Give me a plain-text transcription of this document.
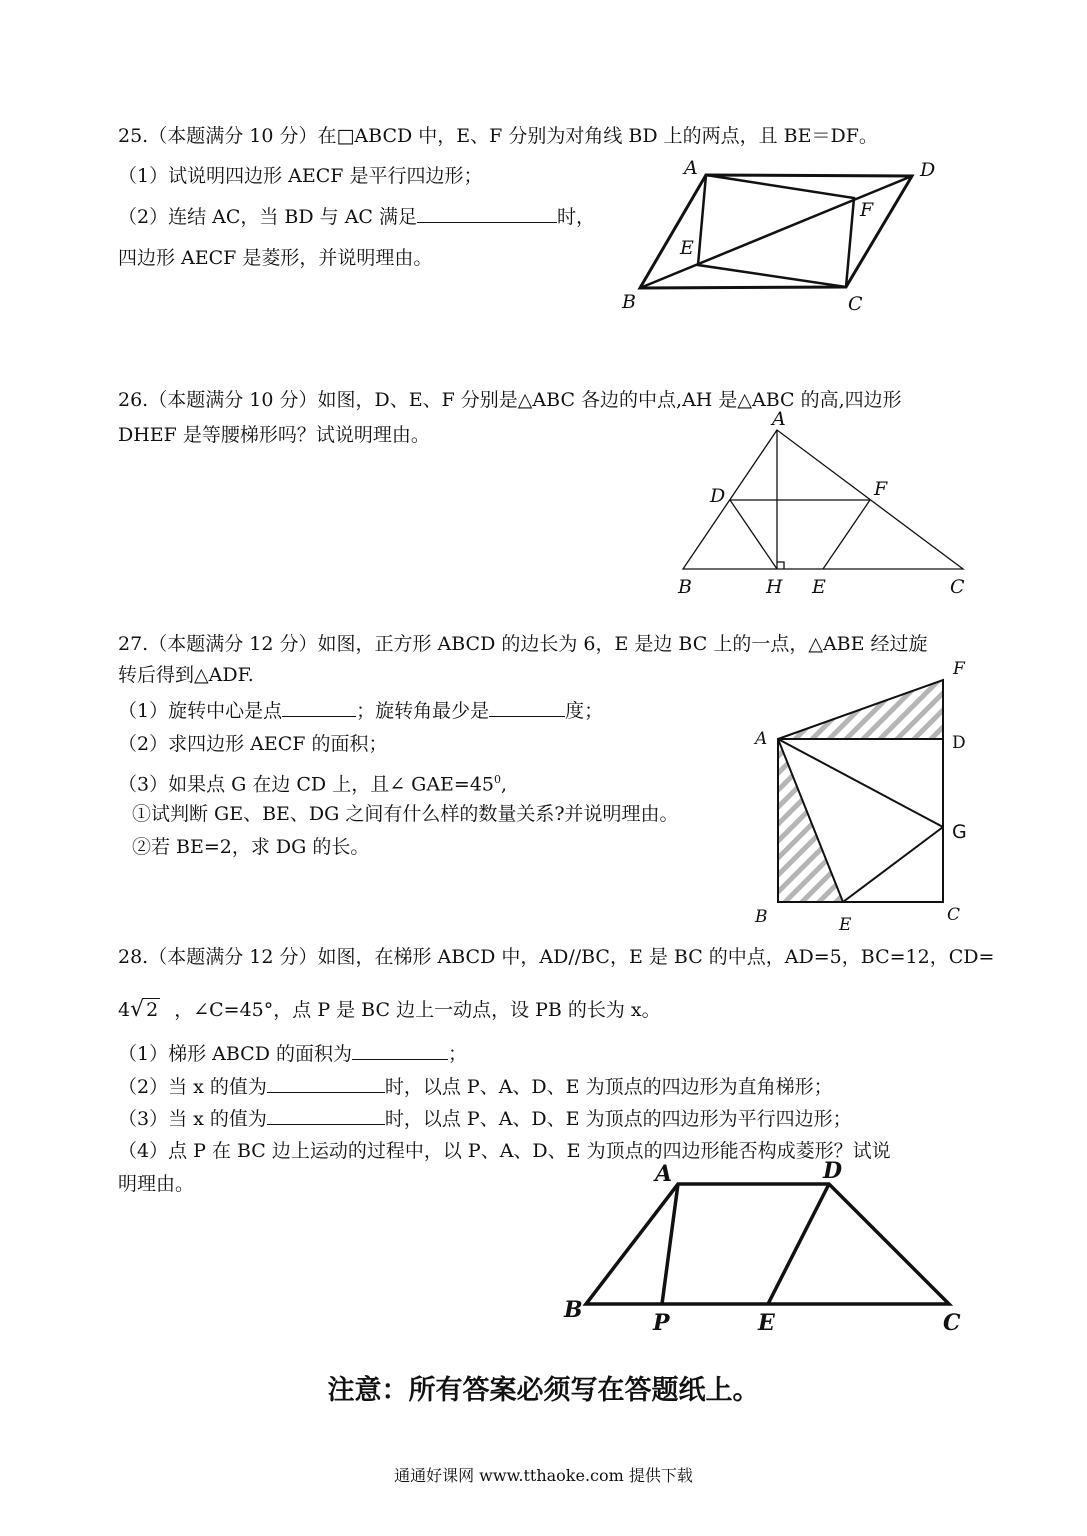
25.（本题满分 10 分）在□ABCD 中，E、F 分别为对角线 BD 上的两点，且 BE＝DF。
（1）试说明四边形 AECF 是平行四边形；
（2）连结 AC，当 BD 与 AC 满足	时，
四边形 AECF 是菱形，并说明理由。
A	D
F
E
B	C
26.（本题满分 10 分）如图，D、E、F 分别是△ABC 各边的中点,AH 是△ABC 的高,四边形
DHEF 是等腰梯形吗？试说明理由。
A
D	F
B	H E	C
27.（本题满分 12 分）如图，正方形 ABCD 的边长为 6，E 是边 BC 上的一点，△ABE 经过旋
转后得到△ADF.
（1）旋转中心是点	；旋转角最少是	度；
（2）求四边形 AECF 的面积；
（3）如果点 G 在边 CD 上，且∠ $GAE=45^0$,
①试判断 GE、BE、DG 之间有什么样的数量关系?并说明理由。
②若 BE=2，求 DG 的长。
F
A	D
G
B	E	C
28.（本题满分 12 分）如图，在梯形 ABCD 中，AD//BC，E 是 BC 的中点，AD=5，BC=12，CD=
4√ 2 ，∠C=45°，点 P 是 BC 边上一动点，设 PB 的长为 x。
（1）梯形 ABCD 的面积为	；
（2）当 x 的值为	时，以点 P、A、D、E 为顶点的四边形为直角梯形；
（3）当 x 的值为	时，以点 P、A、D、E 为顶点的四边形为平行四边形；
（4）点 P 在 BC 边上运动的过程中，以 P、A、D、E 为顶点的四边形能否构成菱形？试说
明理由。	A	D
B	P	E	C
注意：所有答案必须写在答题纸上。
通通好课网 www.tthaoke.com 提供下载
